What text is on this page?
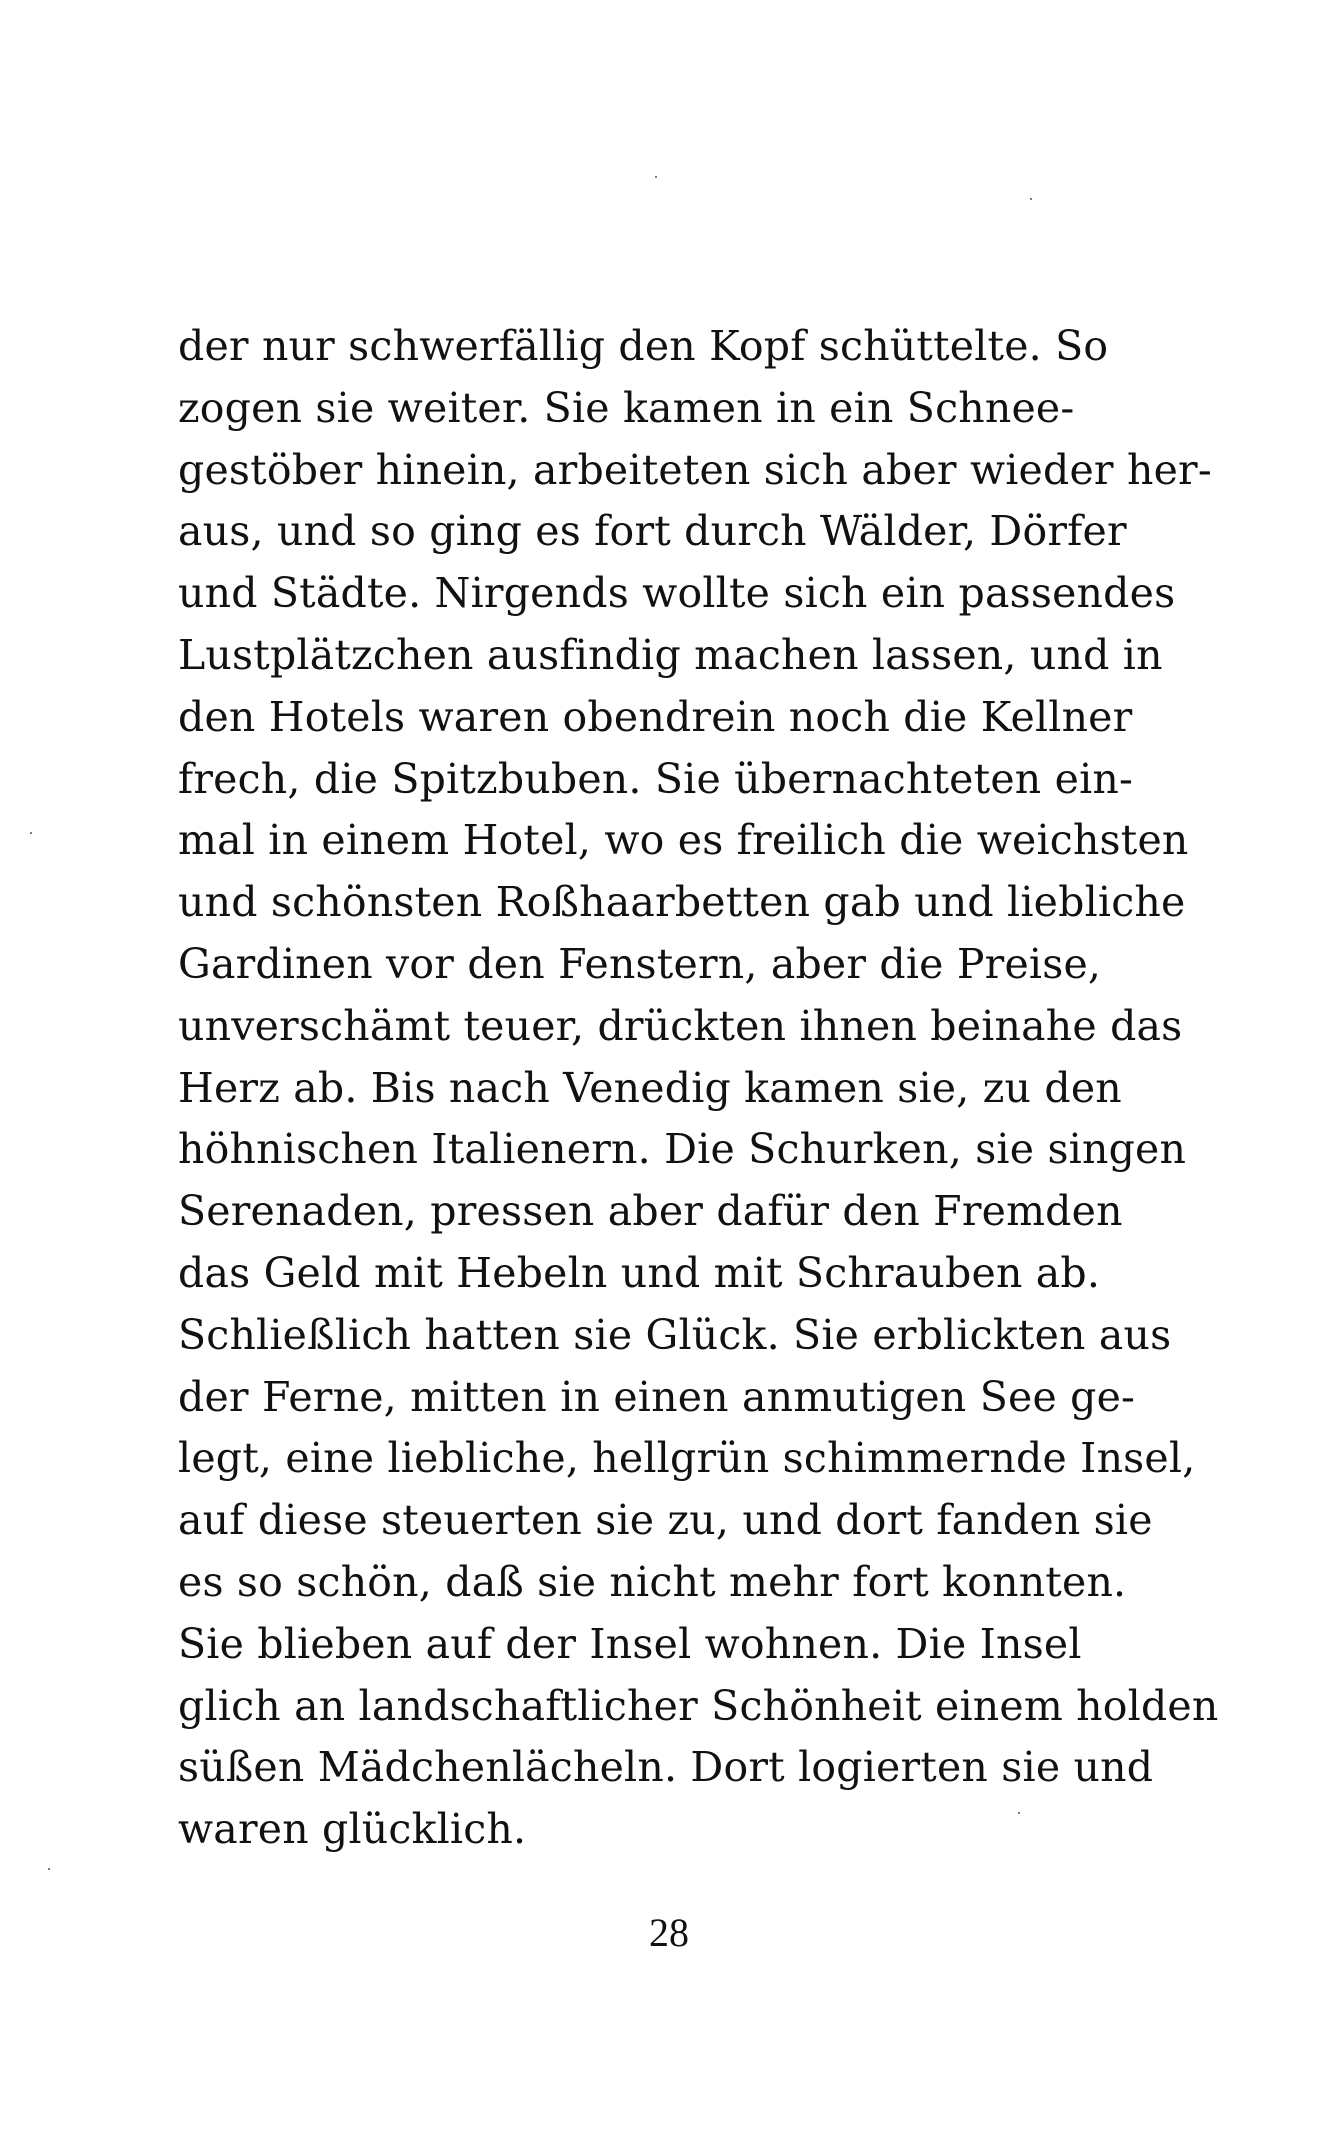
der nur schwerfällig den Kopf schüttelte. So
zogen sie weiter. Sie kamen in ein Schnee-
gestöber hinein, arbeiteten sich aber wieder her-
aus, und so ging es fort durch Wälder, Dörfer
und Städte. Nirgends wollte sich ein passendes
Lustplätzchen ausfindig machen lassen, und in
den Hotels waren obendrein noch die Kellner
frech, die Spitzbuben. Sie übernachteten ein-
mal in einem Hotel, wo es freilich die weichsten
und schönsten Roßhaarbetten gab und liebliche
Gardinen vor den Fenstern, aber die Preise,
unverschämt teuer, drückten ihnen beinahe das
Herz ab. Bis nach Venedig kamen sie, zu den
höhnischen Italienern. Die Schurken, sie singen
Serenaden, pressen aber dafür den Fremden
das Geld mit Hebeln und mit Schrauben ab.
Schließlich hatten sie Glück. Sie erblickten aus
der Ferne, mitten in einen anmutigen See ge-
legt, eine liebliche, hellgrün schimmernde Insel,
auf diese steuerten sie zu, und dort fanden sie
es so schön, daß sie nicht mehr fort konnten.
Sie blieben auf der Insel wohnen. Die Insel
glich an landschaftlicher Schönheit einem holden
süßen Mädchenlächeln. Dort logierten sie und
waren glücklich.
28
